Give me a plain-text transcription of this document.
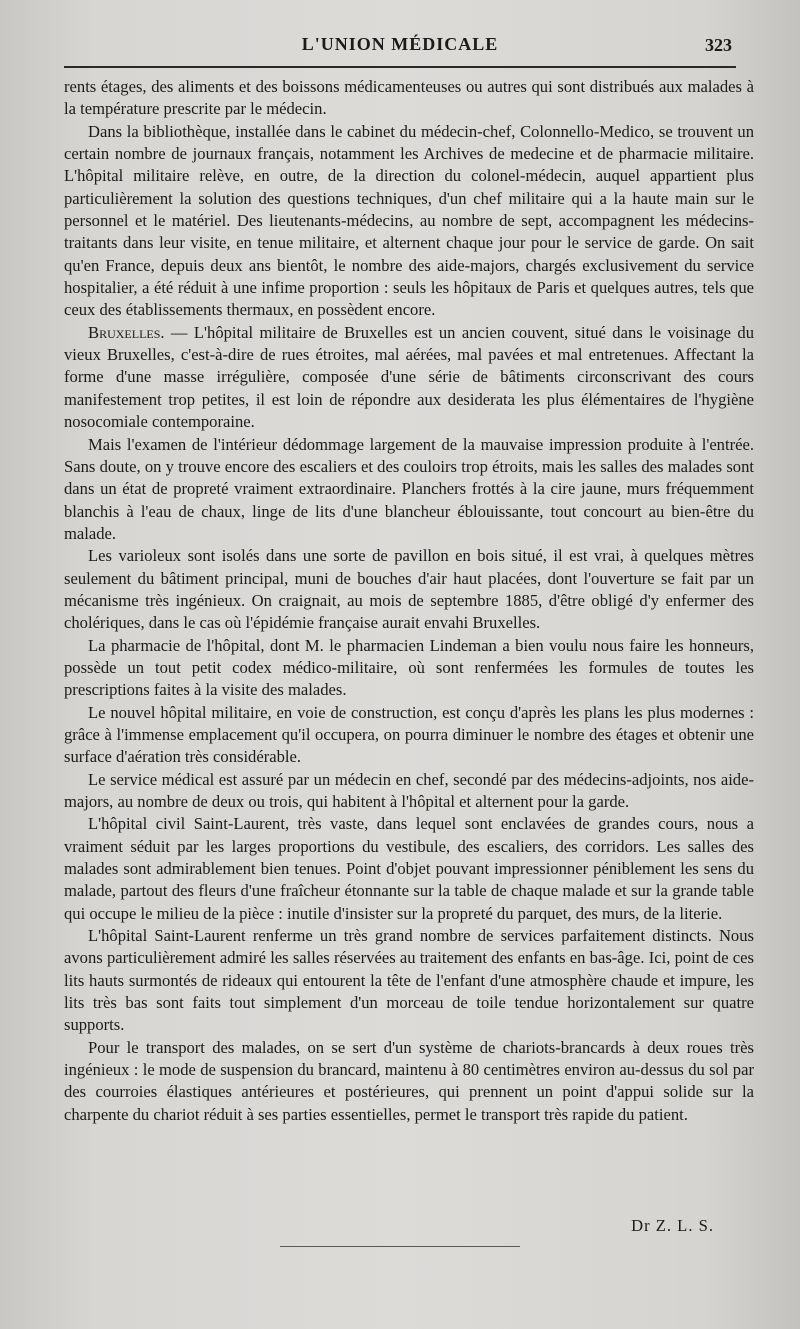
L'UNION MÉDICALE	323

rents étages, des aliments et des boissons médicamenteuses ou autres qui sont distribués aux malades à la température prescrite par le médecin.

Dans la bibliothèque, installée dans le cabinet du médecin-chef, Colonnello-Medico, se trouvent un certain nombre de journaux français, notamment les Archives de medecine et de pharmacie militaire. L'hôpital militaire relève, en outre, de la direction du colonel-médecin, auquel appartient plus particulièrement la solution des questions techniques, d'un chef militaire qui a la haute main sur le personnel et le matériel. Des lieutenants-médecins, au nombre de sept, accompagnent les médecins-traitants dans leur visite, en tenue militaire, et alternent chaque jour pour le service de garde. On sait qu'en France, depuis deux ans bientôt, le nombre des aide-majors, chargés exclusivement du service hospitalier, a été réduit à une infime proportion : seuls les hôpitaux de Paris et quelques autres, tels que ceux des établissements thermaux, en possèdent encore.

Bruxelles. — L'hôpital militaire de Bruxelles est un ancien couvent, situé dans le voisinage du vieux Bruxelles, c'est-à-dire de rues étroites, mal aérées, mal pavées et mal entretenues. Affectant la forme d'une masse irrégulière, composée d'une série de bâtiments circonscrivant des cours manifestement trop petites, il est loin de répondre aux desiderata les plus élémentaires de l'hygiène nosocomiale contemporaine.

Mais l'examen de l'intérieur dédommage largement de la mauvaise impression produite à l'entrée. Sans doute, on y trouve encore des escaliers et des couloirs trop étroits, mais les salles des malades sont dans un état de propreté vraiment extraordinaire. Planchers frottés à la cire jaune, murs fréquemment blanchis à l'eau de chaux, linge de lits d'une blancheur éblouissante, tout concourt au bien-être du malade.

Les varioleux sont isolés dans une sorte de pavillon en bois situé, il est vrai, à quelques mètres seulement du bâtiment principal, muni de bouches d'air haut placées, dont l'ouverture se fait par un mécanisme très ingénieux. On craignait, au mois de septembre 1885, d'être obligé d'y enfermer des cholériques, dans le cas où l'épidémie française aurait envahi Bruxelles.

La pharmacie de l'hôpital, dont M. le pharmacien Lindeman a bien voulu nous faire les honneurs, possède un tout petit codex médico-militaire, où sont renfermées les formules de toutes les prescriptions faites à la visite des malades.

Le nouvel hôpital militaire, en voie de construction, est conçu d'après les plans les plus modernes : grâce à l'immense emplacement qu'il occupera, on pourra diminuer le nombre des étages et obtenir une surface d'aération très considérable.

Le service médical est assuré par un médecin en chef, secondé par des médecins-adjoints, nos aide-majors, au nombre de deux ou trois, qui habitent à l'hôpital et alternent pour la garde.

L'hôpital civil Saint-Laurent, très vaste, dans lequel sont enclavées de grandes cours, nous a vraiment séduit par les larges proportions du vestibule, des escaliers, des corridors. Les salles des malades sont admirablement bien tenues. Point d'objet pouvant impressionner péniblement les sens du malade, partout des fleurs d'une fraîcheur étonnante sur la table de chaque malade et sur la grande table qui occupe le milieu de la pièce : inutile d'insister sur la propreté du parquet, des murs, de la literie.

L'hôpital Saint-Laurent renferme un très grand nombre de services parfaitement distincts. Nous avons particulièrement admiré les salles réservées au traitement des enfants en bas-âge. Ici, point de ces lits hauts surmontés de rideaux qui entourent la tête de l'enfant d'une atmosphère chaude et impure, les lits très bas sont faits tout simplement d'un morceau de toile tendue horizontalement sur quatre supports.

Pour le transport des malades, on se sert d'un système de chariots-brancards à deux roues très ingénieux : le mode de suspension du brancard, maintenu à 80 centimètres environ au-dessus du sol par des courroies élastiques antérieures et postérieures, qui prennent un point d'appui solide sur la charpente du chariot réduit à ses parties essentielles, permet le transport très rapide du patient.

Dr Z. L. S.
